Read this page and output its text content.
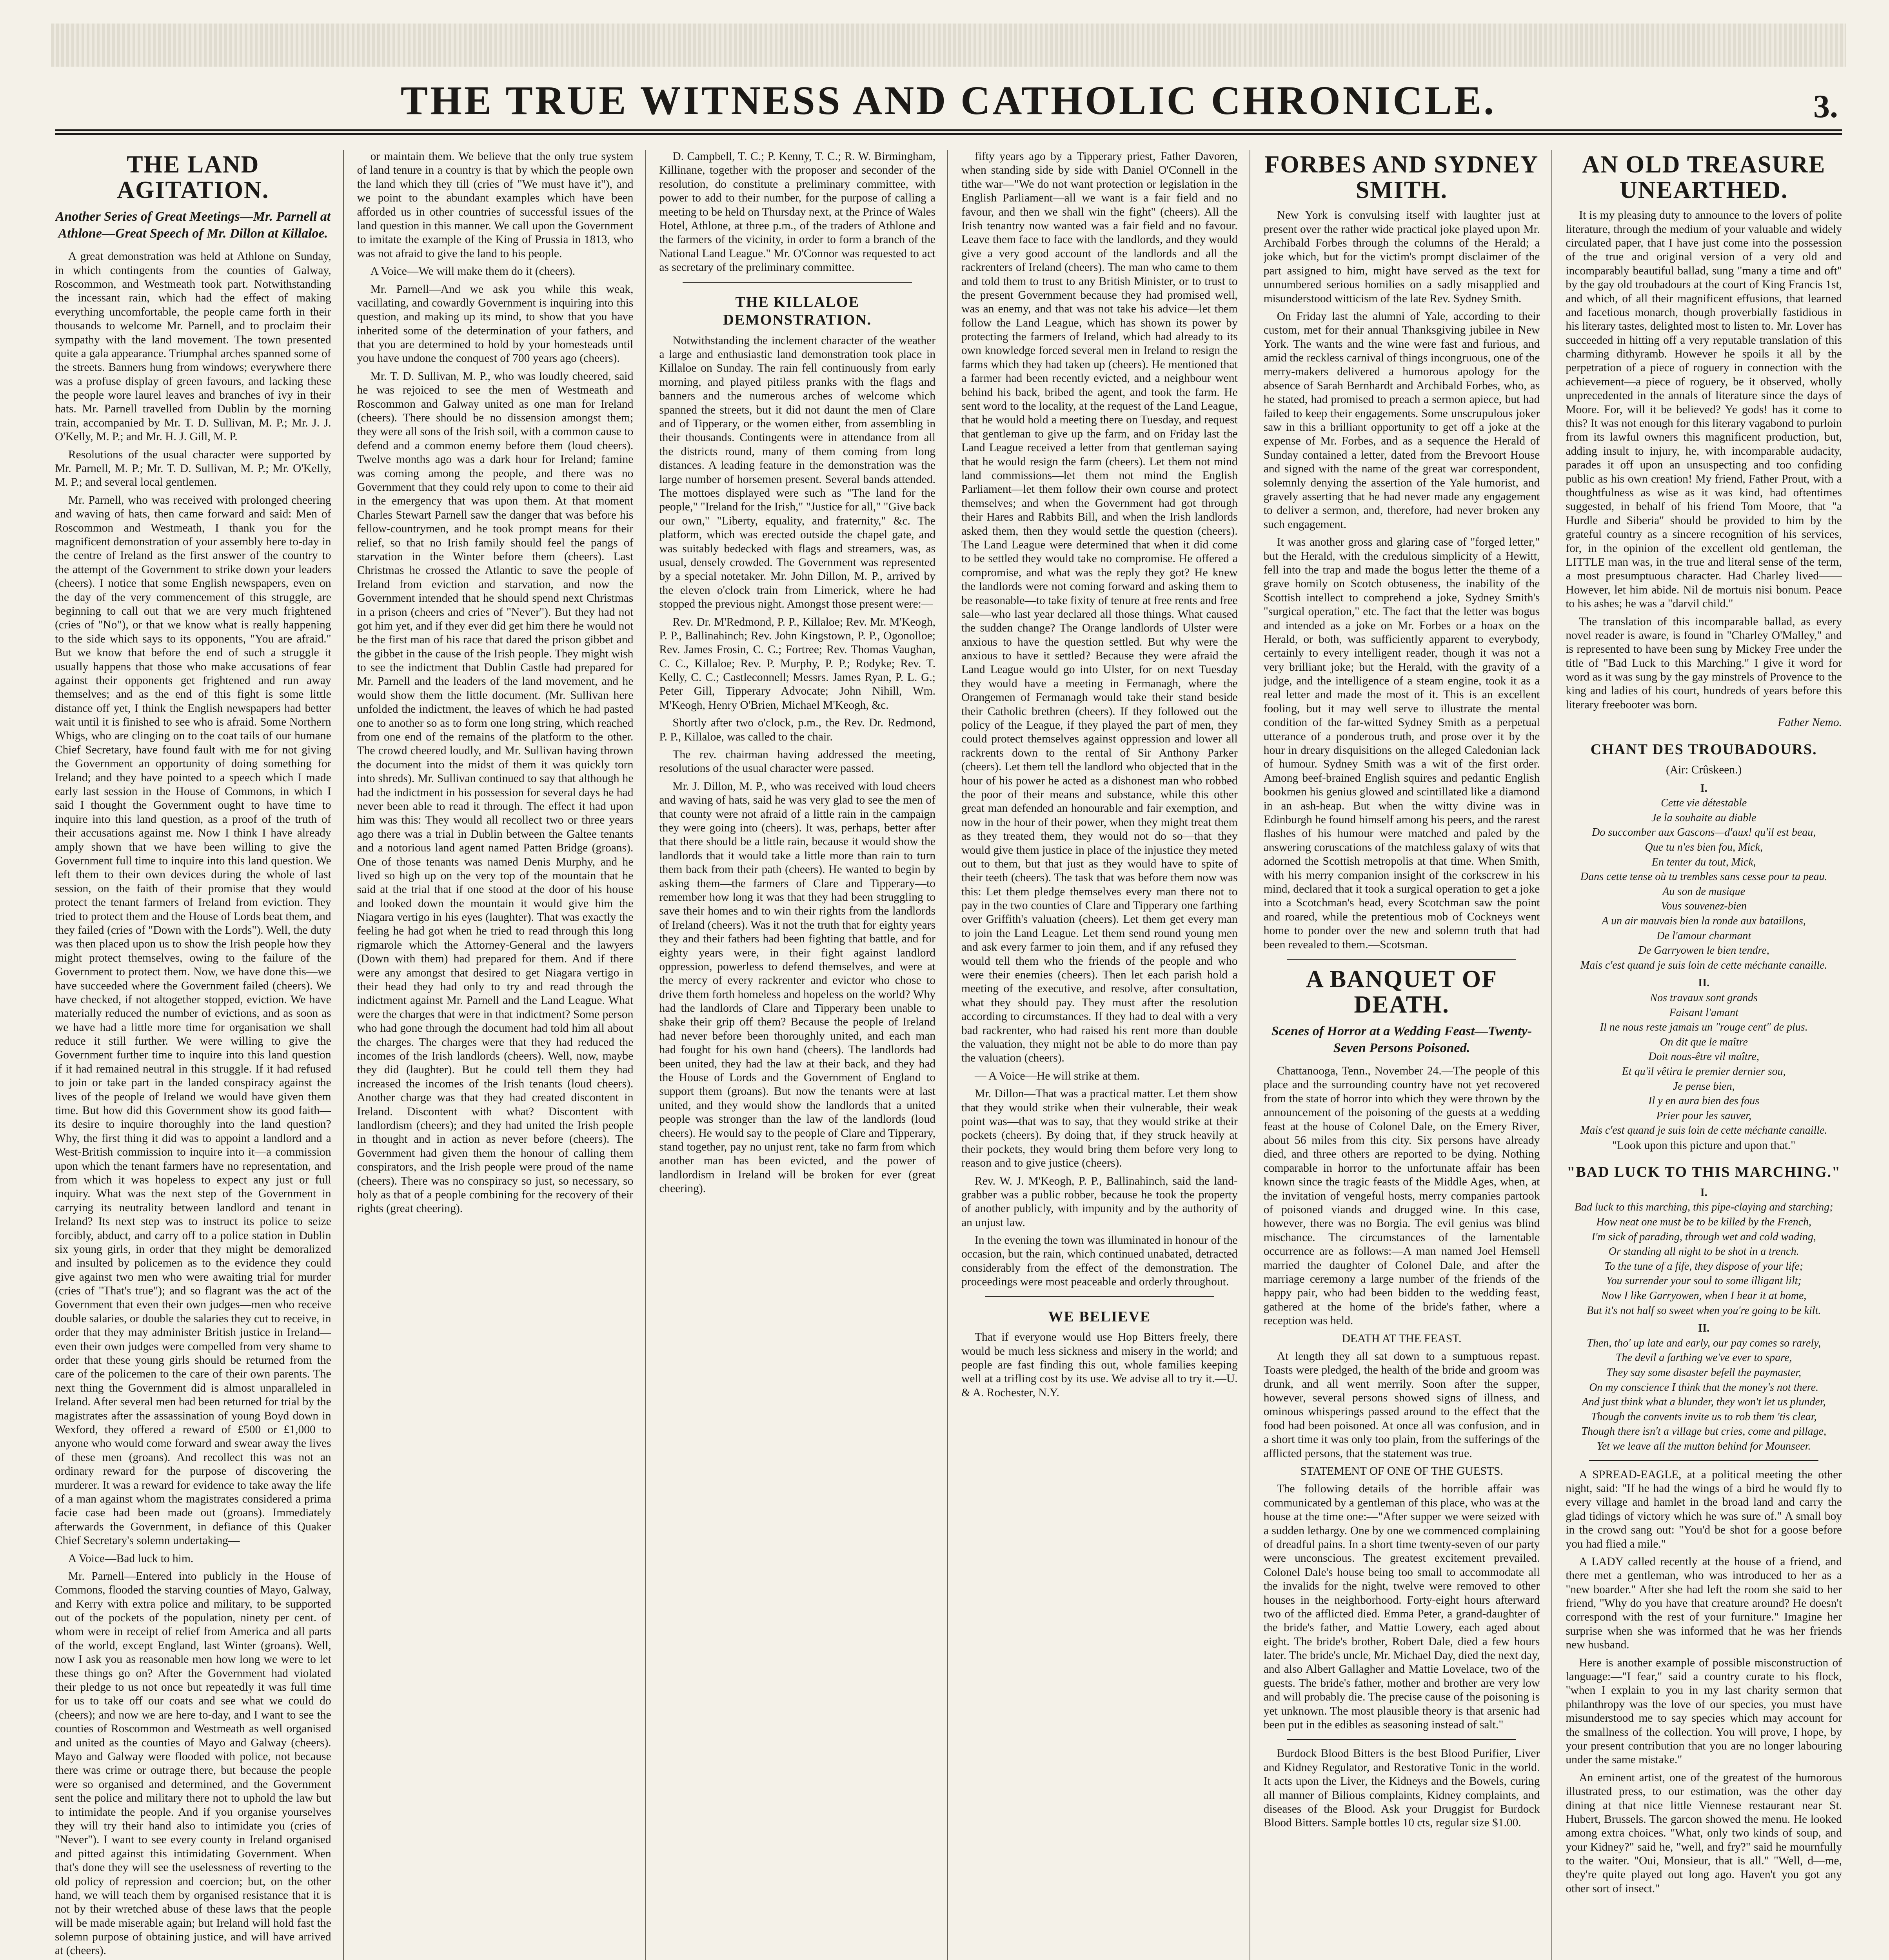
THE TRUE WITNESS AND CATHOLIC CHRONICLE.	3.
THE LAND AGITATION.
Another Series of Great Meetings—Mr. Parnell at Athlone—Great Speech of Mr. Dillon at Killaloe.

A great demonstration was held at Athlone on Sunday, in which contingents from the counties of Galway, Roscommon, and Westmeath took part. Notwithstanding the incessant rain, which had the effect of making everything uncomfortable, the people came forth in their thousands to welcome Mr. Parnell, and to proclaim their sympathy with the land movement. The town presented quite a gala appearance. Triumphal arches spanned some of the streets. Banners hung from windows; everywhere there was a profuse display of green favours, and lacking these the people wore laurel leaves and branches of ivy in their hats. Mr. Parnell travelled from Dublin by the morning train, accompanied by Mr. T. D. Sullivan, M. P.; Mr. J. J. O'Kelly, M. P.; and Mr. H. J. Gill, M. P.

Resolutions of the usual character were supported by Mr. Parnell, M. P.; Mr. T. D. Sullivan, M. P.; Mr. O'Kelly, M. P.; and several local gentlemen.

Mr. Parnell, who was received with prolonged cheering and waving of hats, then came forward and said: Men of Roscommon and Westmeath, I thank you for the magnificent demonstration of your assembly here to-day in the centre of Ireland as the first answer of the country to the attempt of the Government to strike down your leaders (cheers). I notice that some English newspapers, even on the day of the very commencement of this struggle, are beginning to call out that we are very much frightened (cries of "No"), or that we know what is really happening to the side which says to its opponents, "You are afraid." But we know that before the end of such a struggle it usually happens that those who make accusations of fear against their opponents get frightened and run away themselves; and as the end of this fight is some little distance off yet, I think the English newspapers had better wait until it is finished to see who is afraid. Some Northern Whigs, who are clinging on to the coat tails of our humane Chief Secretary, have found fault with me for not giving the Government an opportunity of doing something for Ireland; and they have pointed to a speech which I made early last session in the House of Commons, in which I said I thought the Government ought to have time to inquire into this land question, as a proof of the truth of their accusations against me. Now I think I have already amply shown that we have been willing to give the Government full time to inquire into this land question. We left them to their own devices during the whole of last session, on the faith of their promise that they would protect the tenant farmers of Ireland from eviction. They tried to protect them and the House of Lords beat them, and they failed (cries of "Down with the Lords"). Well, the duty was then placed upon us to show the Irish people how they might protect themselves, owing to the failure of the Government to protect them. Now, we have done this—we have succeeded where the Government failed (cheers). We have checked, if not altogether stopped, eviction. We have materially reduced the number of evictions, and as soon as we have had a little more time for organisation we shall reduce it still further. We were willing to give the Government further time to inquire into this land question if it had remained neutral in this struggle. If it had refused to join or take part in the landed conspiracy against the lives of the people of Ireland we would have given them time. But how did this Government show its good faith—its desire to inquire thoroughly into the land question? Why, the first thing it did was to appoint a landlord and a West-British commission to inquire into it—a commission upon which the tenant farmers have no representation, and from which it was hopeless to expect any just or full inquiry. What was the next step of the Government in carrying its neutrality between landlord and tenant in Ireland? Its next step was to instruct its police to seize forcibly, abduct, and carry off to a police station in Dublin six young girls, in order that they might be demoralized and insulted by policemen as to the evidence they could give against two men who were awaiting trial for murder (cries of "That's true"); and so flagrant was the act of the Government that even their own judges—men who receive double salaries, or double the salaries they cut to receive, in order that they may administer British justice in Ireland—even their own judges were compelled from very shame to order that these young girls should be returned from the care of the policemen to the care of their own parents. The next thing the Government did is almost unparalleled in Ireland. After several men had been returned for trial by the magistrates after the assassination of young Boyd down in Wexford, they offered a reward of £500 or £1,000 to anyone who would come forward and swear away the lives of these men (groans). And recollect this was not an ordinary reward for the purpose of discovering the murderer. It was a reward for evidence to take away the life of a man against whom the magistrates considered a prima facie case had been made out (groans). Immediately afterwards the Government, in defiance of this Quaker Chief Secretary's solemn undertaking—

A Voice—Bad luck to him.

Mr. Parnell—Entered into publicly in the House of Commons, flooded the starving counties of Mayo, Galway, and Kerry with extra police and military, to be supported out of the pockets of the population, ninety per cent. of whom were in receipt of relief from America and all parts of the world, except England, last Winter (groans). Well, now I ask you as reasonable men how long we were to let these things go on? After the Government had violated their pledge to us not once but repeatedly it was full time for us to take off our coats and see what we could do (cheers); and now we are here to-day, and I want to see the counties of Roscommon and Westmeath as well organised and united as the counties of Mayo and Galway (cheers). Mayo and Galway were flooded with police, not because there was crime or outrage there, but because the people were so organised and determined, and the Government sent the police and military there not to uphold the law but to intimidate the people. And if you organise yourselves they will try their hand also to intimidate you (cries of "Never"). I want to see every county in Ireland organised and pitted against this intimidating Government. When that's done they will see the uselessness of reverting to the old policy of repression and coercion; but, on the other hand, we will teach them by organised resistance that it is not by their wretched abuse of these laws that the people will be made miserable again; but Ireland will hold fast the solemn purpose of obtaining justice, and will have arrived at (cheers).

or maintain them. We believe that the only true system of land tenure in a country is that by which the people own the land which they till (cries of "We must have it"), and we point to the abundant examples which have been afforded us in other countries of successful issues of the land question in this manner. We call upon the Government to imitate the example of the King of Prussia in 1813, who was not afraid to give the land to his people.

A Voice—We will make them do it (cheers).

Mr. Parnell—And we ask you while this weak, vacillating, and cowardly Government is inquiring into this question, and making up its mind, to show that you have inherited some of the determination of your fathers, and that you are determined to hold by your homesteads until you have undone the conquest of 700 years ago (cheers).

Mr. T. D. Sullivan, M. P., who was loudly cheered, said he was rejoiced to see the men of Westmeath and Roscommon and Galway united as one man for Ireland (cheers). There should be no dissension amongst them; they were all sons of the Irish soil, with a common cause to defend and a common enemy before them (loud cheers). Twelve months ago was a dark hour for Ireland; famine was coming among the people, and there was no Government that they could rely upon to come to their aid in the emergency that was upon them. At that moment Charles Stewart Parnell saw the danger that was before his fellow-countrymen, and he took prompt means for their relief, so that no Irish family should feel the pangs of starvation in the Winter before them (cheers). Last Christmas he crossed the Atlantic to save the people of Ireland from eviction and starvation, and now the Government intended that he should spend next Christmas in a prison (cheers and cries of "Never"). But they had not got him yet, and if they ever did get him there he would not be the first man of his race that dared the prison gibbet and the gibbet in the cause of the Irish people. They might wish to see the indictment that Dublin Castle had prepared for Mr. Parnell and the leaders of the land movement, and he would show them the little document. (Mr. Sullivan here unfolded the indictment, the leaves of which he had pasted one to another so as to form one long string, which reached from one end of the remains of the platform to the other. The crowd cheered loudly, and Mr. Sullivan having thrown the document into the midst of them it was quickly torn into shreds). Mr. Sullivan continued to say that although he had the indictment in his possession for several days he had never been able to read it through. The effect it had upon him was this: They would all recollect two or three years ago there was a trial in Dublin between the Galtee tenants and a notorious land agent named Patten Bridge (groans). One of those tenants was named Denis Murphy, and he lived so high up on the very top of the mountain that he said at the trial that if one stood at the door of his house and looked down the mountain it would give him the Niagara vertigo in his eyes (laughter). That was exactly the feeling he had got when he tried to read through this long rigmarole which the Attorney-General and the lawyers (Down with them) had prepared for them. And if there were any amongst that desired to get Niagara vertigo in their head they had only to try and read through the indictment against Mr. Parnell and the Land League. What were the charges that were in that indictment? Some person who had gone through the document had told him all about the charges. The charges were that they had reduced the incomes of the Irish landlords (cheers). Well, now, maybe they did (laughter). But he could tell them they had increased the incomes of the Irish tenants (loud cheers). Another charge was that they had created discontent in Ireland. Discontent with what? Discontent with landlordism (cheers); and they had united the Irish people in thought and in action as never before (cheers). The Government had given them the honour of calling them conspirators, and the Irish people were proud of the name (cheers). There was no conspiracy so just, so necessary, so holy as that of a people combining for the recovery of their rights (great cheering).

D. Campbell, T. C.; P. Kenny, T. C.; R. W. Birmingham, Killinane, together with the proposer and seconder of the resolution, do constitute a preliminary committee, with power to add to their number, for the purpose of calling a meeting to be held on Thursday next, at the Prince of Wales Hotel, Athlone, at three p.m., of the traders of Athlone and the farmers of the vicinity, in order to form a branch of the National Land League." Mr. O'Connor was requested to act as secretary of the preliminary committee.

THE KILLALOE DEMONSTRATION.

Notwithstanding the inclement character of the weather a large and enthusiastic land demonstration took place in Killaloe on Sunday. The rain fell continuously from early morning, and played pitiless pranks with the flags and banners and the numerous arches of welcome which spanned the streets, but it did not daunt the men of Clare and of Tipperary, or the women either, from assembling in their thousands. Contingents were in attendance from all the districts round, many of them coming from long distances. A leading feature in the demonstration was the large number of horsemen present. Several bands attended. The mottoes displayed were such as "The land for the people," "Ireland for the Irish," "Justice for all," "Give back our own," "Liberty, equality, and fraternity," &c. The platform, which was erected outside the chapel gate, and was suitably bedecked with flags and streamers, was, as usual, densely crowded. The Government was represented by a special notetaker. Mr. John Dillon, M. P., arrived by the eleven o'clock train from Limerick, where he had stopped the previous night. Amongst those present were:—

Rev. Dr. M'Redmond, P. P., Killaloe; Rev. Mr. M'Keogh, P. P., Ballinahinch; Rev. John Kingstown, P. P., Ogonolloe; Rev. James Frosin, C. C.; Fortree; Rev. Thomas Vaughan, C. C., Killaloe; Rev. P. Murphy, P. P.; Rodyke; Rev. T. Kelly, C. C.; Castleconnell; Messrs. James Ryan, P. L. G.; Peter Gill, Tipperary Advocate; John Nihill, Wm. M'Keogh, Henry O'Brien, Michael M'Keogh, &c.

Shortly after two o'clock, p.m., the Rev. Dr. Redmond, P. P., Killaloe, was called to the chair.

The rev. chairman having addressed the meeting, resolutions of the usual character were passed.

Mr. J. Dillon, M. P., who was received with loud cheers and waving of hats, said he was very glad to see the men of that county were not afraid of a little rain in the campaign they were going into (cheers). It was, perhaps, better after that there should be a little rain, because it would show the landlords that it would take a little more than rain to turn them back from their path (cheers). He wanted to begin by asking them—the farmers of Clare and Tipperary—to remember how long it was that they had been struggling to save their homes and to win their rights from the landlords of Ireland (cheers). Was it not the truth that for eighty years they and their fathers had been fighting that battle, and for eighty years were, in their fight against landlord oppression, powerless to defend themselves, and were at the mercy of every rackrenter and evictor who chose to drive them forth homeless and hopeless on the world? Why had the landlords of Clare and Tipperary been unable to shake their grip off them? Because the people of Ireland had never before been thoroughly united, and each man had fought for his own hand (cheers). The landlords had been united, they had the law at their back, and they had the House of Lords and the Government of England to support them (groans). But now the tenants were at last united, and they would show the landlords that a united people was stronger than the law of the landlords (loud cheers). He would say to the people of Clare and Tipperary, stand together, pay no unjust rent, take no farm from which another man has been evicted, and the power of landlordism in Ireland will be broken for ever (great cheering).

fifty years ago by a Tipperary priest, Father Davoren, when standing side by side with Daniel O'Connell in the tithe war—"We do not want protection or legislation in the English Parliament—all we want is a fair field and no favour, and then we shall win the fight" (cheers). All the Irish tenantry now wanted was a fair field and no favour. Leave them face to face with the landlords, and they would give a very good account of the landlords and all the rackrenters of Ireland (cheers). The man who came to them and told them to trust to any British Minister, or to trust to the present Government because they had promised well, was an enemy, and that was not take his advice—let them follow the Land League, which has shown its power by protecting the farmers of Ireland, which had already to its own knowledge forced several men in Ireland to resign the farms which they had taken up (cheers). He mentioned that a farmer had been recently evicted, and a neighbour went behind his back, bribed the agent, and took the farm. He sent word to the locality, at the request of the Land League, that he would hold a meeting there on Tuesday, and request that gentleman to give up the farm, and on Friday last the Land League received a letter from that gentleman saying that he would resign the farm (cheers). Let them not mind land commissions—let them not mind the English Parliament—let them follow their own course and protect themselves; and when the Government had got through their Hares and Rabbits Bill, and when the Irish landlords asked them, then they would settle the question (cheers). The Land League were determined that when it did come to be settled they would take no compromise. He offered a compromise, and what was the reply they got? He knew the landlords were not coming forward and asking them to be reasonable—to take fixity of tenure at free rents and free sale—who last year declared all those things. What caused the sudden change? The Orange landlords of Ulster were anxious to have the question settled. But why were the anxious to have it settled? Because they were afraid the Land League would go into Ulster, for on next Tuesday they would have a meeting in Fermanagh, where the Orangemen of Fermanagh would take their stand beside their Catholic brethren (cheers). If they followed out the policy of the League, if they played the part of men, they could protect themselves against oppression and lower all rackrents down to the rental of Sir Anthony Parker (cheers). Let them tell the landlord who objected that in the hour of his power he acted as a dishonest man who robbed the poor of their means and substance, while this other great man defended an honourable and fair exemption, and now in the hour of their power, when they might treat them as they treated them, they would not do so—that they would give them justice in place of the injustice they meted out to them, but that just as they would have to spite of their teeth (cheers). The task that was before them now was this: Let them pledge themselves every man there not to pay in the two counties of Clare and Tipperary one farthing over Griffith's valuation (cheers). Let them get every man to join the Land League. Let them send round young men and ask every farmer to join them, and if any refused they would tell them who the friends of the people and who were their enemies (cheers). Then let each parish hold a meeting of the executive, and resolve, after consultation, what they should pay. They must after the resolution according to circumstances. If they had to deal with a very bad rackrenter, who had raised his rent more than double the valuation, they might not be able to do more than pay the valuation (cheers).

— A Voice—He will strike at them.

Mr. Dillon—That was a practical matter. Let them show that they would strike when their vulnerable, their weak point was—that was to say, that they would strike at their pockets (cheers). By doing that, if they struck heavily at their pockets, they would bring them before very long to reason and to give justice (cheers).

Rev. W. J. M'Keogh, P. P., Ballinahinch, said the land-grabber was a public robber, because he took the property of another publicly, with impunity and by the authority of an unjust law.

In the evening the town was illuminated in honour of the occasion, but the rain, which continued unabated, detracted considerably from the effect of the demonstration. The proceedings were most peaceable and orderly throughout.

WE BELIEVE

That if everyone would use Hop Bitters freely, there would be much less sickness and misery in the world; and people are fast finding this out, whole families keeping well at a trifling cost by its use. We advise all to try it.—U. & A. Rochester, N.Y.

FORBES AND SYDNEY SMITH.

New York is convulsing itself with laughter just at present over the rather wide practical joke played upon Mr. Archibald Forbes through the columns of the Herald; a joke which, but for the victim's prompt disclaimer of the part assigned to him, might have served as the text for unnumbered serious homilies on a sadly misapplied and misunderstood witticism of the late Rev. Sydney Smith.

On Friday last the alumni of Yale, according to their custom, met for their annual Thanksgiving jubilee in New York. The wants and the wine were fast and furious, and amid the reckless carnival of things incongruous, one of the merry-makers delivered a humorous apology for the absence of Sarah Bernhardt and Archibald Forbes, who, as he stated, had promised to preach a sermon apiece, but had failed to keep their engagements. Some unscrupulous joker saw in this a brilliant opportunity to get off a joke at the expense of Mr. Forbes, and as a sequence the Herald of Sunday contained a letter, dated from the Brevoort House and signed with the name of the great war correspondent, solemnly denying the assertion of the Yale humorist, and gravely asserting that he had never made any engagement to deliver a sermon, and, therefore, had never broken any such engagement.

It was another gross and glaring case of "forged letter," but the Herald, with the credulous simplicity of a Hewitt, fell into the trap and made the bogus letter the theme of a grave homily on Scotch obtuseness, the inability of the Scottish intellect to comprehend a joke, Sydney Smith's "surgical operation," etc. The fact that the letter was bogus and intended as a joke on Mr. Forbes or a hoax on the Herald, or both, was sufficiently apparent to everybody, certainly to every intelligent reader, though it was not a very brilliant joke; but the Herald, with the gravity of a judge, and the intelligence of a steam engine, took it as a real letter and made the most of it. This is an excellent fooling, but it may well serve to illustrate the mental condition of the far-witted Sydney Smith as a perpetual utterance of a ponderous truth, and prose over it by the hour in dreary disquisitions on the alleged Caledonian lack of humour. Sydney Smith was a wit of the first order. Among beef-brained English squires and pedantic English bookmen his genius glowed and scintillated like a diamond in an ash-heap. But when the witty divine was in Edinburgh he found himself among his peers, and the rarest flashes of his humour were matched and paled by the answering coruscations of the matchless galaxy of wits that adorned the Scottish metropolis at that time. When Smith, with his merry companion insight of the corkscrew in his mind, declared that it took a surgical operation to get a joke into a Scotchman's head, every Scotchman saw the point and roared, while the pretentious mob of Cockneys went home to ponder over the new and solemn truth that had been revealed to them.—Scotsman.

A BANQUET OF DEATH.
Scenes of Horror at a Wedding Feast—Twenty-Seven Persons Poisoned.

Chattanooga, Tenn., November 24.—The people of this place and the surrounding country have not yet recovered from the state of horror into which they were thrown by the announcement of the poisoning of the guests at a wedding feast at the house of Colonel Dale, on the Emery River, about 56 miles from this city. Six persons have already died, and three others are reported to be dying. Nothing comparable in horror to the unfortunate affair has been known since the tragic feasts of the Middle Ages, when, at the invitation of vengeful hosts, merry companies partook of poisoned viands and drugged wine. In this case, however, there was no Borgia. The evil genius was blind mischance. The circumstances of the lamentable occurrence are as follows:—A man named Joel Hemsell married the daughter of Colonel Dale, and after the marriage ceremony a large number of the friends of the happy pair, who had been bidden to the wedding feast, gathered at the home of the bride's father, where a reception was held.

DEATH AT THE FEAST.

At length they all sat down to a sumptuous repast. Toasts were pledged, the health of the bride and groom was drunk, and all went merrily. Soon after the supper, however, several persons showed signs of illness, and ominous whisperings passed around to the effect that the food had been poisoned. At once all was confusion, and in a short time it was only too plain, from the sufferings of the afflicted persons, that the statement was true.

STATEMENT OF ONE OF THE GUESTS.

The following details of the horrible affair was communicated by a gentleman of this place, who was at the house at the time one:—"After supper we were seized with a sudden lethargy. One by one we commenced complaining of dreadful pains. In a short time twenty-seven of our party were unconscious. The greatest excitement prevailed. Colonel Dale's house being too small to accommodate all the invalids for the night, twelve were removed to other houses in the neighborhood. Forty-eight hours afterward two of the afflicted died. Emma Peter, a grand-daughter of the bride's father, and Mattie Lowery, each aged about eight. The bride's brother, Robert Dale, died a few hours later. The bride's uncle, Mr. Michael Day, died the next day, and also Albert Gallagher and Mattie Lovelace, two of the guests. The bride's father, mother and brother are very low and will probably die. The precise cause of the poisoning is yet unknown. The most plausible theory is that arsenic had been put in the edibles as seasoning instead of salt."

Burdock Blood Bitters is the best Blood Purifier, Liver and Kidney Regulator, and Restorative Tonic in the world. It acts upon the Liver, the Kidneys and the Bowels, curing all manner of Bilious complaints, Kidney complaints, and diseases of the Blood. Ask your Druggist for Burdock Blood Bitters. Sample bottles 10 cts, regular size $1.00.

AN OLD TREASURE UNEARTHED.

It is my pleasing duty to announce to the lovers of polite literature, through the medium of your valuable and widely circulated paper, that I have just come into the possession of the true and original version of a very old and incomparably beautiful ballad, sung "many a time and oft" by the gay old troubadours at the court of King Francis 1st, and which, of all their magnificent effusions, that learned and facetious monarch, though proverbially fastidious in his literary tastes, delighted most to listen to. Mr. Lover has succeeded in hitting off a very reputable translation of this charming dithyramb. However he spoils it all by the perpetration of a piece of roguery in connection with the achievement—a piece of roguery, be it observed, wholly unprecedented in the annals of literature since the days of Moore. For, will it be believed? Ye gods! has it come to this? It was not enough for this literary vagabond to purloin from its lawful owners this magnificent production, but, adding insult to injury, he, with incomparable audacity, parades it off upon an unsuspecting and too confiding public as his own creation! My friend, Father Prout, with a thoughtfulness as wise as it was kind, had oftentimes suggested, in behalf of his friend Tom Moore, that "a Hurdle and Siberia" should be provided to him by the grateful country as a sincere recognition of his services, for, in the opinion of the excellent old gentleman, the LITTLE man was, in the true and literal sense of the term, a most presumptuous character. Had Charley lived—— However, let him abide. Nil de mortuis nisi bonum. Peace to his ashes; he was a "darvil child."

The translation of this incomparable ballad, as every novel reader is aware, is found in "Charley O'Malley," and is represented to have been sung by Mickey Free under the title of "Bad Luck to this Marching." I give it word for word as it was sung by the gay minstrels of Provence to the king and ladies of his court, hundreds of years before this literary freebooter was born.

Father Nemo.

CHANT DES TROUBADOURS.

(Air: Crûskeen.)

I.

Cette vie détestable

Je la souhaite au diable

Do succomber aux Gascons—d'aux! qu'il est beau,

Que tu n'es bien fou, Mick,

En tenter du tout, Mick,

Dans cette tense où tu trembles sans cesse pour ta peau.

Au son de musique

Vous souvenez-bien

A un air mauvais bien la ronde aux bataillons,

De l'amour charmant

De Garryowen le bien tendre,

Mais c'est quand je suis loin de cette méchante canaille.

II.

Nos travaux sont grands

Faisant l'amant

Il ne nous reste jamais un "rouge cent" de plus.

On dit que le maître

Doit nous-être vil maître,

Et qu'il vêtira le premier dernier sou,

Je pense bien,

Il y en aura bien des fous

Prier pour les sauver,

Mais c'est quand je suis loin de cette méchante canaille.

"Look upon this picture and upon that."

"BAD LUCK TO THIS MARCHING."

I.

Bad luck to this marching, this pipe-claying and starching;

How neat one must be to be killed by the French,

I'm sick of parading, through wet and cold wading,

Or standing all night to be shot in a trench.

To the tune of a fife, they dispose of your life;

You surrender your soul to some illigant lilt;

Now I like Garryowen, when I hear it at home,

But it's not half so sweet when you're going to be kilt.

II.

Then, tho' up late and early, our pay comes so rarely,

The devil a farthing we've ever to spare,

They say some disaster befell the paymaster,

On my conscience I think that the money's not there.

And just think what a blunder, they won't let us plunder,

Though the convents invite us to rob them 'tis clear,

Though there isn't a village but cries, come and pillage,

Yet we leave all the mutton behind for Mounseer.

A SPREAD-EAGLE, at a political meeting the other night, said: "If he had the wings of a bird he would fly to every village and hamlet in the broad land and carry the glad tidings of victory which he was sure of." A small boy in the crowd sang out: "You'd be shot for a goose before you had flied a mile."

A LADY called recently at the house of a friend, and there met a gentleman, who was introduced to her as a "new boarder." After she had left the room she said to her friend, "Why do you have that creature around? He doesn't correspond with the rest of your furniture." Imagine her surprise when she was informed that he was her friends new husband.

Here is another example of possible misconstruction of language:—"I fear," said a country curate to his flock, "when I explain to you in my last charity sermon that philanthropy was the love of our species, you must have misunderstood me to say species which may account for the smallness of the collection. You will prove, I hope, by your present contribution that you are no longer labouring under the same mistake."

An eminent artist, one of the greatest of the humorous illustrated press, to our estimation, was the other day dining at that nice little Viennese restaurant near St. Hubert, Brussels. The garcon showed the menu. He looked among extra choices. "What, only two kinds of soup, and your Kidney?" said he, "well, and fry?" said he mournfully to the waiter. "Oui, Monsieur, that is all." "Well, d—me, they're quite played out long ago. Haven't you got any other sort of insect."
